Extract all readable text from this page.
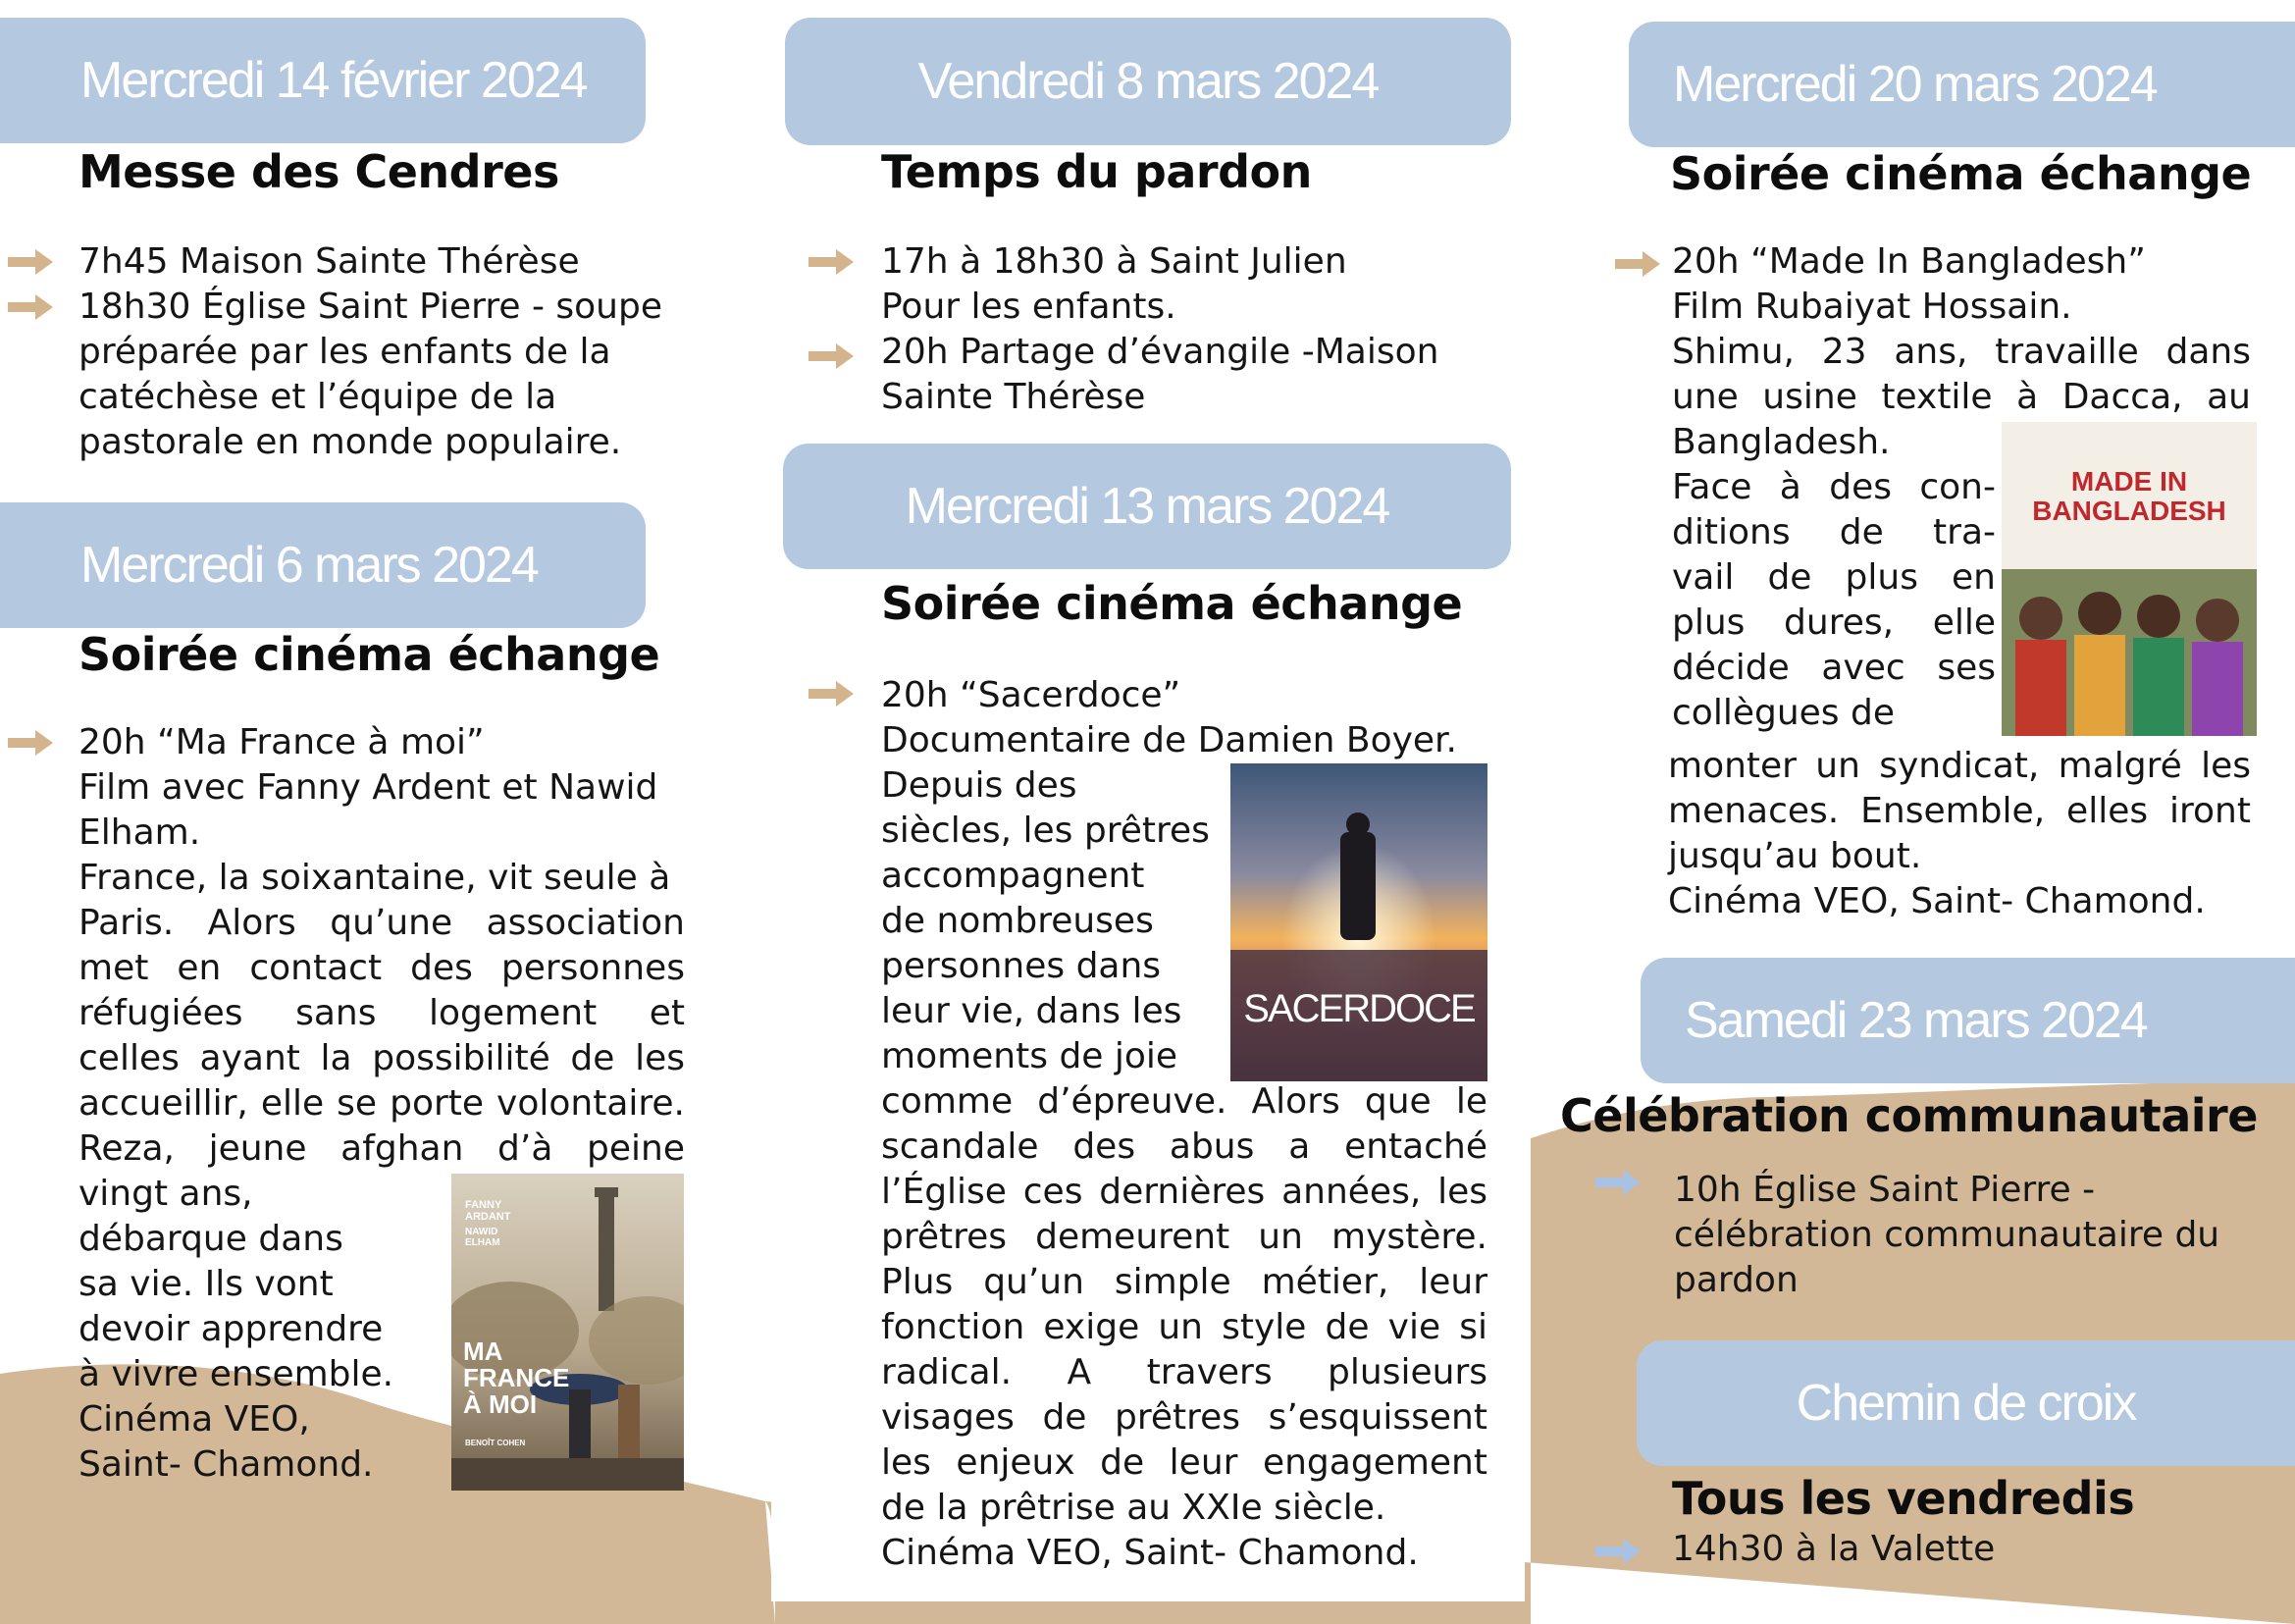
Mercredi 14 février 2024
Messe des Cendres

7h45 Maison Sainte Thérèse

18h30 Église Saint Pierre - soupe

préparée par les enfants de la

catéchèse et l’équipe de la

pastorale en monde populaire.

Mercredi 6 mars 2024
Soirée cinéma échange

20h “Ma France à moi”

Film avec Fanny Ardent et Nawid

Elham.

France, la soixantaine, vit seule à

Paris. Alors qu’une association

met en contact des personnes

réfugiées sans logement et

celles ayant la possibilité de les

accueillir, elle se porte volontaire.

Reza, jeune afghan d’à peine

vingt ans,

débarque dans

sa vie. Ils vont

devoir apprendre

à vivre ensemble.

Cinéma VEO,

Saint- Chamond.

FANNY ARDANT
NAWID ELHAM
MA
FRANCE
À MOI
BENOÎT COHEN
Vendredi 8 mars 2024
Temps du pardon

17h à 18h30 à Saint Julien

Pour les enfants.

20h Partage d’évangile -Maison

Sainte Thérèse

Mercredi 13 mars 2024
Soirée cinéma échange

20h “Sacerdoce”

Documentaire de Damien Boyer.

Depuis des

siècles, les prêtres

accompagnent

de nombreuses

personnes dans

leur vie, dans les

moments de joie

comme d’épreuve. Alors que le

scandale des abus a entaché

l’Église ces dernières années, les

prêtres demeurent un mystère.

Plus qu’un simple métier, leur

fonction exige un style de vie si

radical. A travers plusieurs

visages de prêtres s’esquissent

les enjeux de leur engagement

de la prêtrise au XXIe siècle.

Cinéma VEO, Saint- Chamond.

SACERDOCE
Mercredi 20 mars 2024
Soirée cinéma échange

20h “Made In Bangladesh”

Film Rubaiyat Hossain.

Shimu, 23 ans, travaille dans

une usine textile à Dacca, au

Bangladesh.

Face à des con-

ditions de tra-

vail de plus en

plus dures, elle

décide avec ses

collègues de

monter un syndicat, malgré les

menaces. Ensemble, elles iront

jusqu’au bout.

Cinéma VEO, Saint- Chamond.

MADE IN
BANGLADESH
Samedi 23 mars 2024
Célébration communautaire

10h Église Saint Pierre -

célébration communautaire du

pardon

Chemin de croix
Tous les vendredis

14h30 à la Valette
